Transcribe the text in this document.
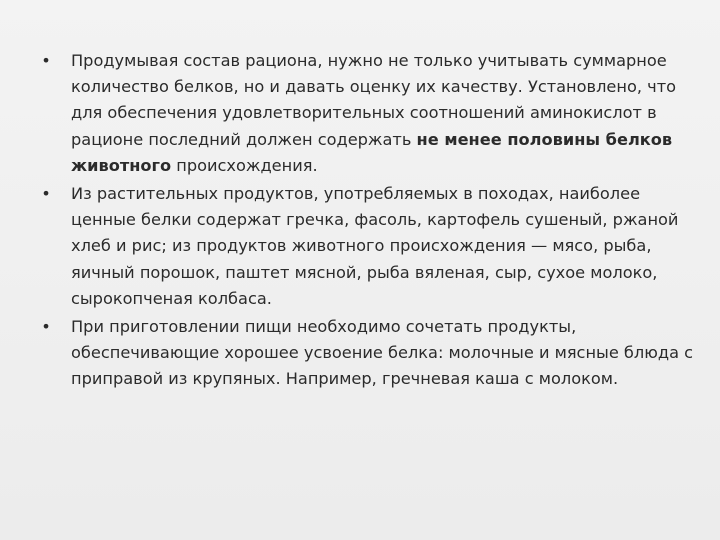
•	Продумывая состав рациона, нужно не только учитывать суммарное количество белков, но и давать оценку их качеству. Установлено, что для обеспечения удовлетворительных соотношений аминокислот в рационе последний должен содержать не менее половины белков животного происхождения.
•	Из растительных продуктов, употребляемых в походах, наиболее ценные белки содержат гречка, фасоль, картофель сушеный, ржаной хлеб и рис; из продуктов животного происхождения — мясо, рыба, яичный порошок, паштет мясной, рыба вяленая, сыр, сухое молоко, сырокопченая колбаса.
•	При приготовлении пищи необходимо сочетать продукты, обеспечивающие хорошее усвоение белка: молочные и мясные блюда с приправой из крупяных. Например, гречневая каша с молоком.
